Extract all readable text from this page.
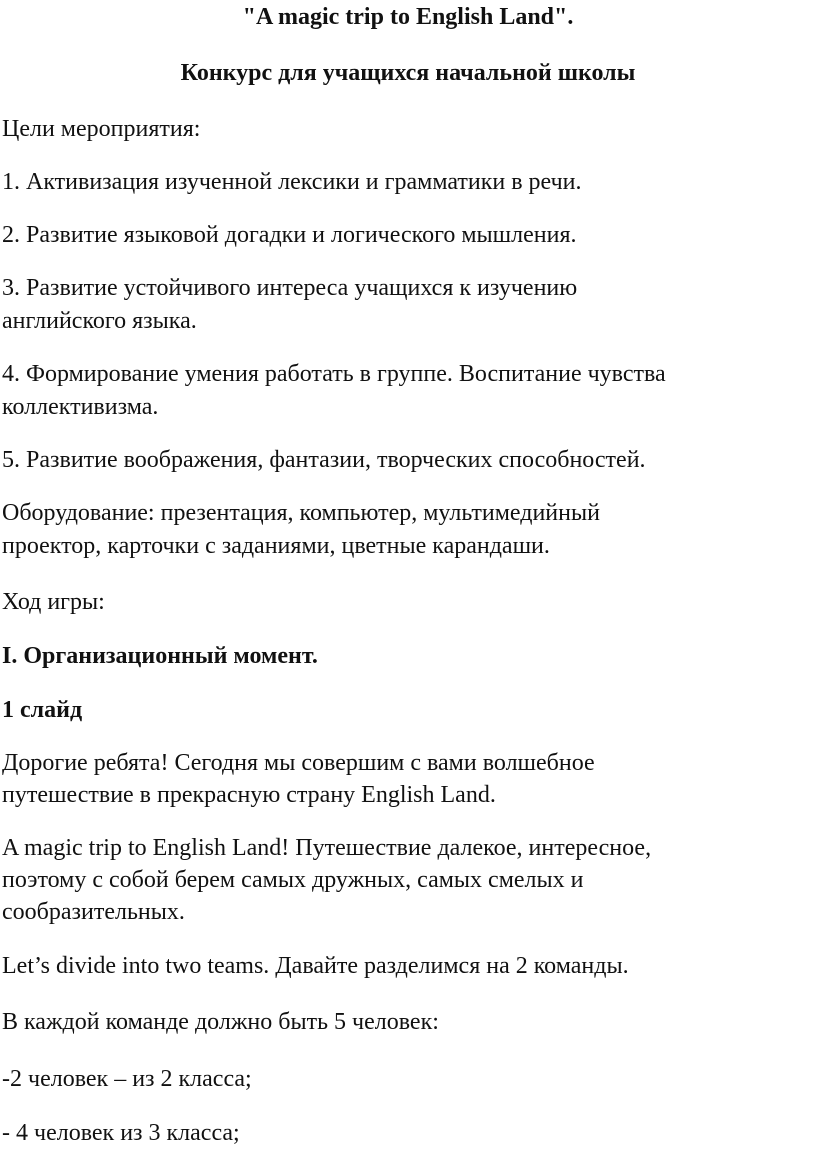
"A magic trip to English Land".

Конкурс для учащихся начальной школы

Цели мероприятия:

1. Активизация изученной лексики и грамматики в речи.

2. Развитие языковой догадки и логического мышления.

3. Развитие устойчивого интереса учащихся к изучению

английского языка.

4. Формирование умения работать в группе. Воспитание чувства

коллективизма.

5. Развитие воображения, фантазии, творческих способностей.

Оборудование: презентация, компьютер, мультимедийный

проектор, карточки с заданиями, цветные карандаши.

Ход игры:

I. Организационный момент.

1 слайд

Дорогие ребята! Сегодня мы совершим с вами волшебное

путешествие в прекрасную страну English Land.

A magic trip to English Land! Путешествие далекое, интересное,

поэтому с собой берем самых дружных, самых смелых и

сообразительных.

Let’s divide into two teams. Давайте разделимся на 2 команды.

В каждой команде должно быть 5 человек:

-2 человек – из 2 класса;

- 4 человек из 3 класса;
